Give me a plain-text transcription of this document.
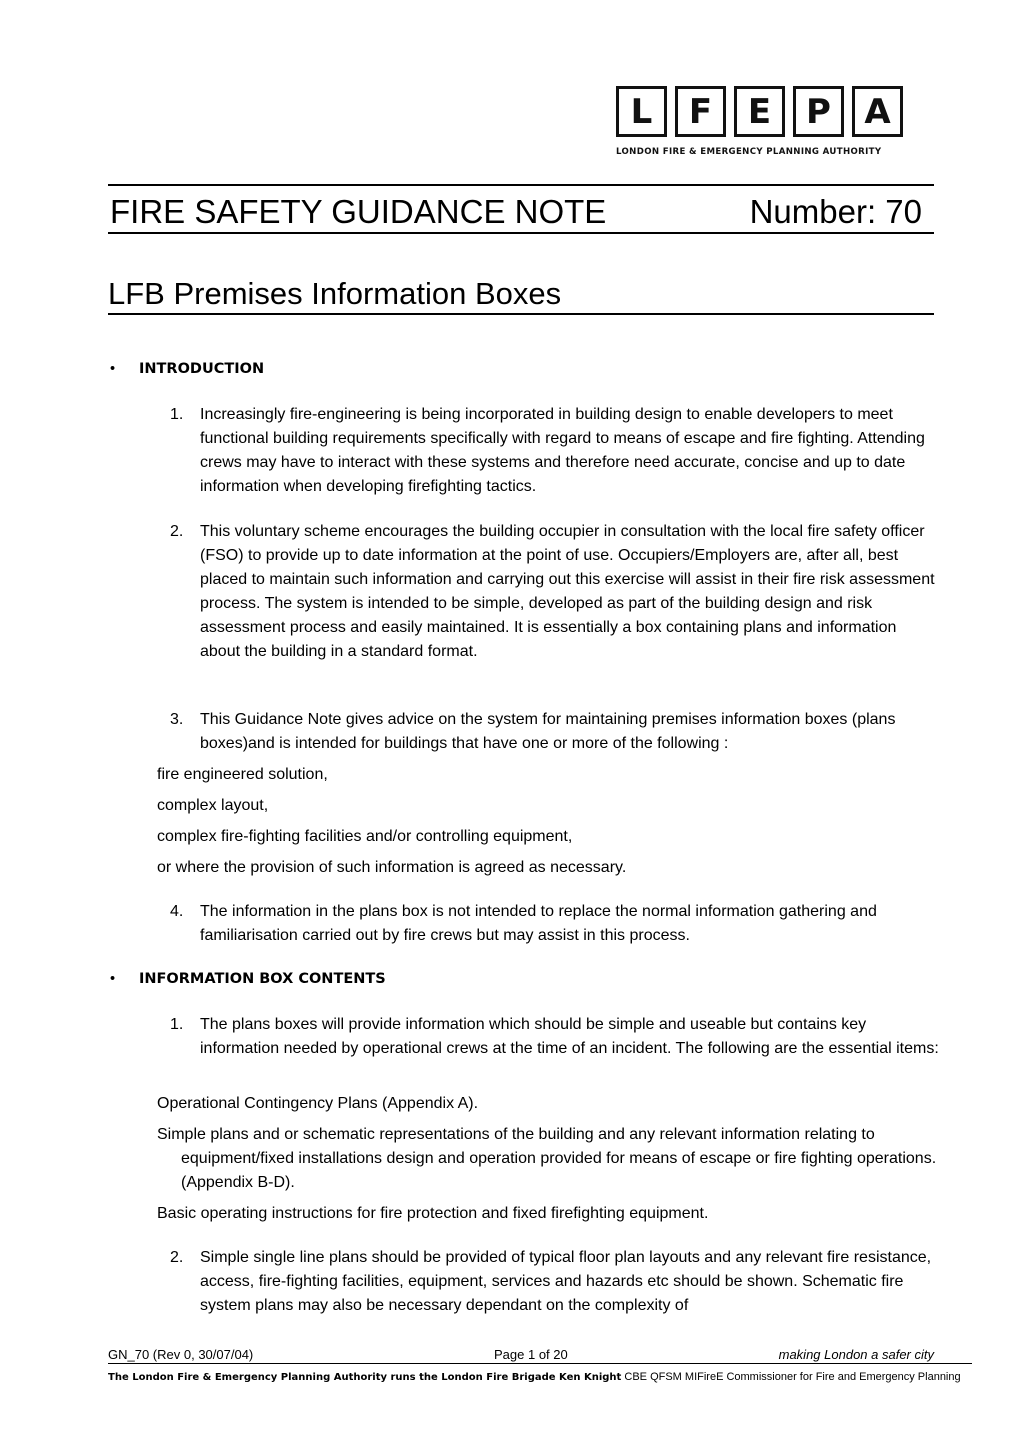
L F E P A
LONDON FIRE & EMERGENCY PLANNING AUTHORITY
FIRE SAFETY GUIDANCE NOTE	Number: 70
LFB Premises Information Boxes
• INTRODUCTION
1. Increasingly fire-engineering is being incorporated in building design to enable developers to meet functional building requirements specifically with regard to means of escape and fire fighting. Attending crews may have to interact with these systems and therefore need accurate, concise and up to date information when developing firefighting tactics.
2. This voluntary scheme encourages the building occupier in consultation with the local fire safety officer (FSO) to provide up to date information at the point of use. Occupiers/Employers are, after all, best placed to maintain such information and carrying out this exercise will assist in their fire risk assessment process. The system is intended to be simple, developed as part of the building design and risk assessment process and easily maintained. It is essentially a box containing plans and information about the building in a standard format.
3. This Guidance Note gives advice on the system for maintaining premises information boxes (plans boxes)and is intended for buildings that have one or more of the following :
fire engineered solution,
complex layout,
complex fire-fighting facilities and/or controlling equipment,
or where the provision of such information is agreed as necessary.
4. The information in the plans box is not intended to replace the normal information gathering and familiarisation carried out by fire crews but may assist in this process.
• INFORMATION BOX CONTENTS
1. The plans boxes will provide information which should be simple and useable but contains key information needed by operational crews at the time of an incident. The following are the essential items:
Operational Contingency Plans (Appendix A).
Simple plans and or schematic representations of the building and any relevant information relating to equipment/fixed installations design and operation provided for means of escape or fire fighting operations. (Appendix B-D).
Basic operating instructions for fire protection and fixed firefighting equipment.
2. Simple single line plans should be provided of typical floor plan layouts and any relevant fire resistance, access, fire-fighting facilities, equipment, services and hazards etc should be shown. Schematic fire system plans may also be necessary dependant on the complexity of
GN_70 (Rev 0, 30/07/04)	Page 1 of 20	making London a safer city
The London Fire & Emergency Planning Authority runs the London Fire Brigade Ken Knight CBE QFSM MIFireE Commissioner for Fire and Emergency Planning
